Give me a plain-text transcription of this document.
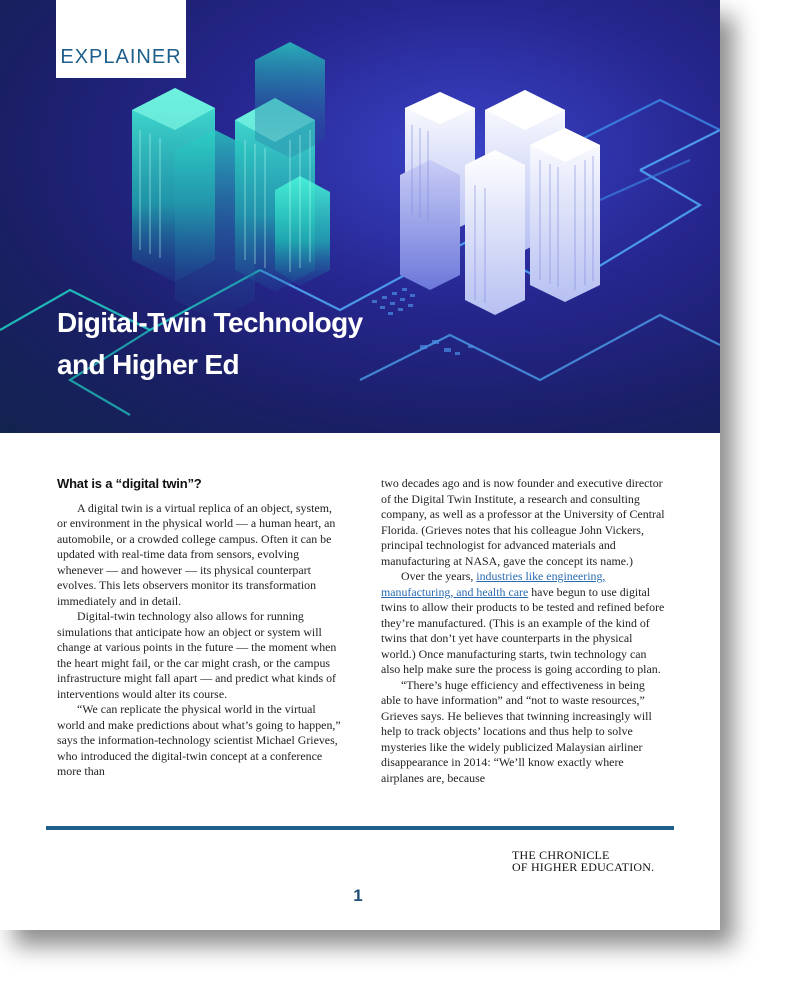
EXPLAINER
Digital-Twin Technology
and Higher Ed
What is a “digital twin”?

A digital twin is a virtual replica of an object, system, or environment in the physical world — a human heart, an automobile, or a crowded college campus. Often it can be updated with real-time data from sensors, evolving whenever — and however — its physical counterpart evolves. This lets observers monitor its transformation immediately and in detail.

Digital-twin technology also allows for running simulations that anticipate how an object or system will change at various points in the future — the moment when the heart might fail, or the car might crash, or the campus infrastructure might fall apart — and predict what kinds of interventions would alter its course.

“We can replicate the physical world in the virtual world and make predictions about what’s going to happen,” says the information-technology scientist Michael Grieves, who introduced the digital-twin concept at a conference more than

two decades ago and is now founder and executive director of the Digital Twin Institute, a research and consulting company, as well as a professor at the University of Central Florida. (Grieves notes that his colleague John Vickers, principal technologist for advanced materials and manufacturing at NASA, gave the concept its name.)

Over the years, industries like engineering, manufacturing, and health care have begun to use digital twins to allow their products to be tested and refined before they’re manufactured. (This is an example of the kind of twins that don’t yet have counterparts in the physical world.) Once manufacturing starts, twin technology can also help make sure the process is going according to plan.

“There’s huge efficiency and effectiveness in being able to have information” and “not to waste resources,” Grieves says. He believes that twinning increasingly will help to track objects’ locations and thus help to solve mysteries like the widely publicized Malaysian airliner disappearance in 2014: “We’ll know exactly where airplanes are, because

THE CHRONICLE
OF HIGHER EDUCATION.
1
